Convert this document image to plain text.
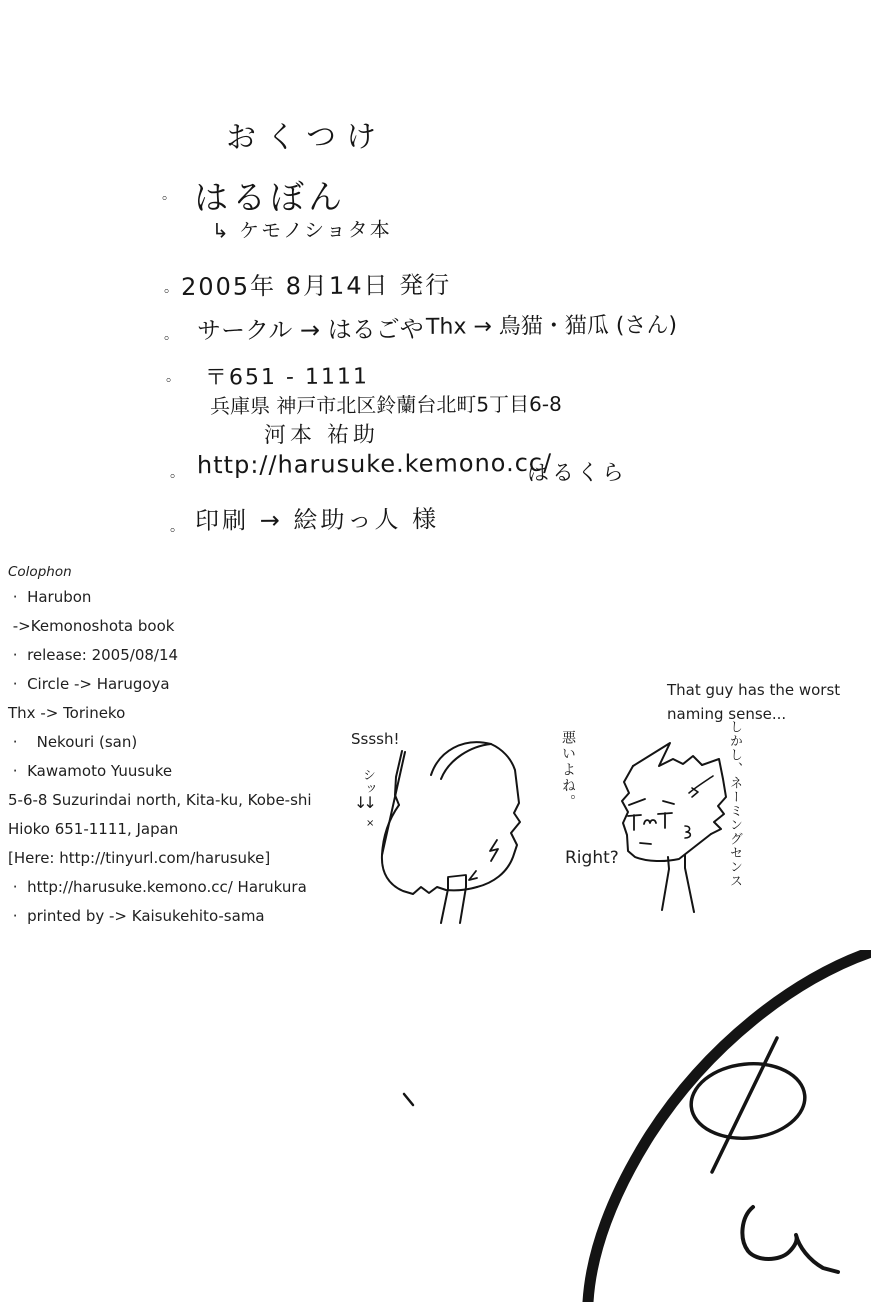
おくつけ
。 はるぼん
↳ ケモノショタ本
。 2005年 8月14日 発行
。 サークル → はるごや Thx → 鳥猫・猫瓜 (さん)
。 〒651 - 1111
兵庫県 神戸市北区鈴蘭台北町5丁目6-8
河本 祐助
。 http://harusuke.kemono.cc/
はるくら
。 印刷 → 絵助っ人 様
Colophon
·  Harubon
->Kemonoshota book
·  release: 2005/08/14
·  Circle -> Harugoya
Thx -> Torineko
·    Nekouri (san)
·  Kawamoto Yuusuke
5-6-8 Suzurindai north, Kita-ku, Kobe-shi
Hioko 651-1111, Japan
[Here: http://tinyurl.com/harusuke]
·  http://harusuke.kemono.cc/ Harukura
·  printed by -> Kaisukehito-sama
Ssssh!
シッ
↓↓
×
That guy has the worst naming sense...
悪いよね。
Right?	しかし、ネーミングセンス
